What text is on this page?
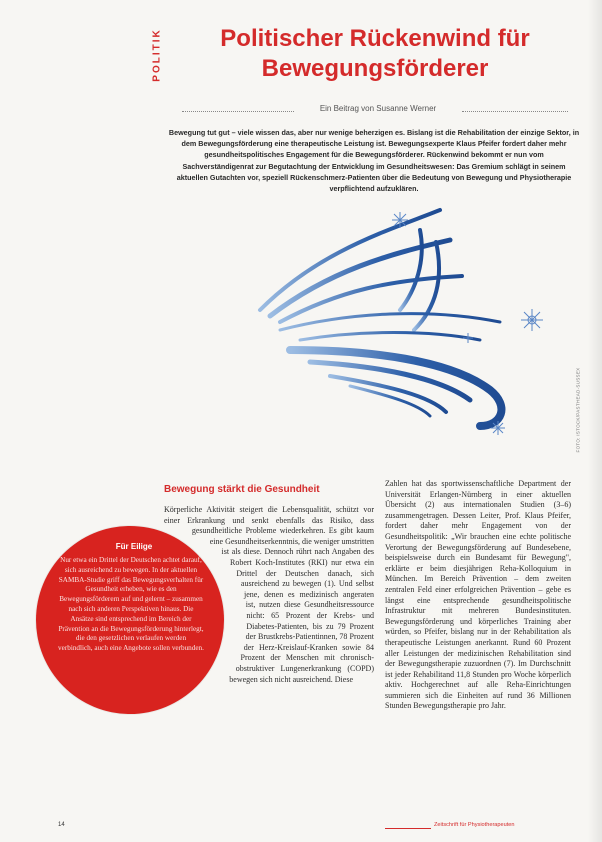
POLITIK	Politischer Rückenwind für Bewegungsförderer
Ein Beitrag von Susanne Werner

Bewegung tut gut – viele wissen das, aber nur wenige beherzigen es. Bislang ist die Rehabilitation der einzige Sektor, in dem Bewegungsförderung eine therapeutische Leistung ist. Bewegungsexperte Klaus Pfeifer fordert daher mehr gesundheitspolitisches Engagement für die Bewegungsförderer. Rückenwind bekommt er nun vom Sachverständigenrat zur Begutachtung der Entwicklung im Gesundheitswesen: Das Gremium schlägt in seinem aktuellen Gutachten vor, speziell Rückenschmerz-Patienten über die Bedeutung von Bewegung und Physiotherapie verpflichtend aufzuklären.

FOTO: ISTOCK/PASTHEAD-SUSSEX
Bewegung stärkt die Gesundheit

Körperliche Aktivität steigert die Lebensqualität, schützt vor einer Erkrankung und senkt ebenfalls das Risiko, dass gesundheitliche Probleme wiederkehren. Es gibt kaum eine Gesundheitserkenntnis, die weniger umstritten ist als diese. Dennoch rührt nach Angaben des Robert Koch-Institutes (RKI) nur etwa ein Drittel der Deutschen danach, sich ausreichend zu bewegen (1). Und selbst jene, denen es medizinisch angeraten ist, nutzen diese Gesundheitsressource nicht: 65 Prozent der Krebs- und Diabetes-Patienten, bis zu 79 Prozent der Brustkrebs-Patientinnen, 78 Prozent der Herz-Kreislauf-Kranken sowie 84 Prozent der Menschen mit chronisch-obstruktiver Lungenerkrankung (COPD) bewegen sich nicht ausreichend. Diese

Zahlen hat das sportwissenschaftliche Department der Universität Erlangen-Nürnberg in einer aktuellen Übersicht (2) aus internationalen Studien (3–6) zusammengetragen. Dessen Leiter, Prof. Klaus Pfeifer, fordert daher mehr Engagement von der Gesundheitspolitik: „Wir brauchen eine echte politische Verortung der Bewegungsförderung auf Bundesebene, beispielsweise durch ein Bundesamt für Bewegung", erklärte er beim diesjährigen Reha-Kolloquium in München. Im Bereich Prävention – dem zweiten zentralen Feld einer erfolgreichen Prävention – gebe es längst eine entsprechende gesundheitspolitische Infrastruktur mit mehreren Bundesinstituten. Bewegungsförderung und körperliches Training aber würden, so Pfeifer, bislang nur in der Rehabilitation als therapeutische Leistungen anerkannt. Rund 60 Prozent aller Leistungen der medizinischen Rehabilitation sind der Bewegungstherapie zuzuordnen (7). Im Durchschnitt ist jeder Rehabilitand 11,8 Stunden pro Woche körperlich aktiv. Hochgerechnet auf alle Reha-Einrichtungen summieren sich die Einheiten auf rund 36 Millionen Stunden Bewegungstherapie pro Jahr.

Für Eilige

Nur etwa ein Drittel der Deutschen achtet darauf, sich ausreichend zu bewegen. In der aktuellen SAMBA-Studie griff das Bewegungsverhalten für Gesundheit erheben, wie es den Bewegungsförderern auf und gelernt – zusammen nach sich anderen Perspektiven hinaus. Die Ansätze sind entsprechend im Bereich der Prävention an die Bewegungsförderung hinterlegt, die den gesetzlichen verlaufen werden verbindlich, auch eine Angebote sollen verbunden.

14	Zeitschrift für Physiotherapeuten
